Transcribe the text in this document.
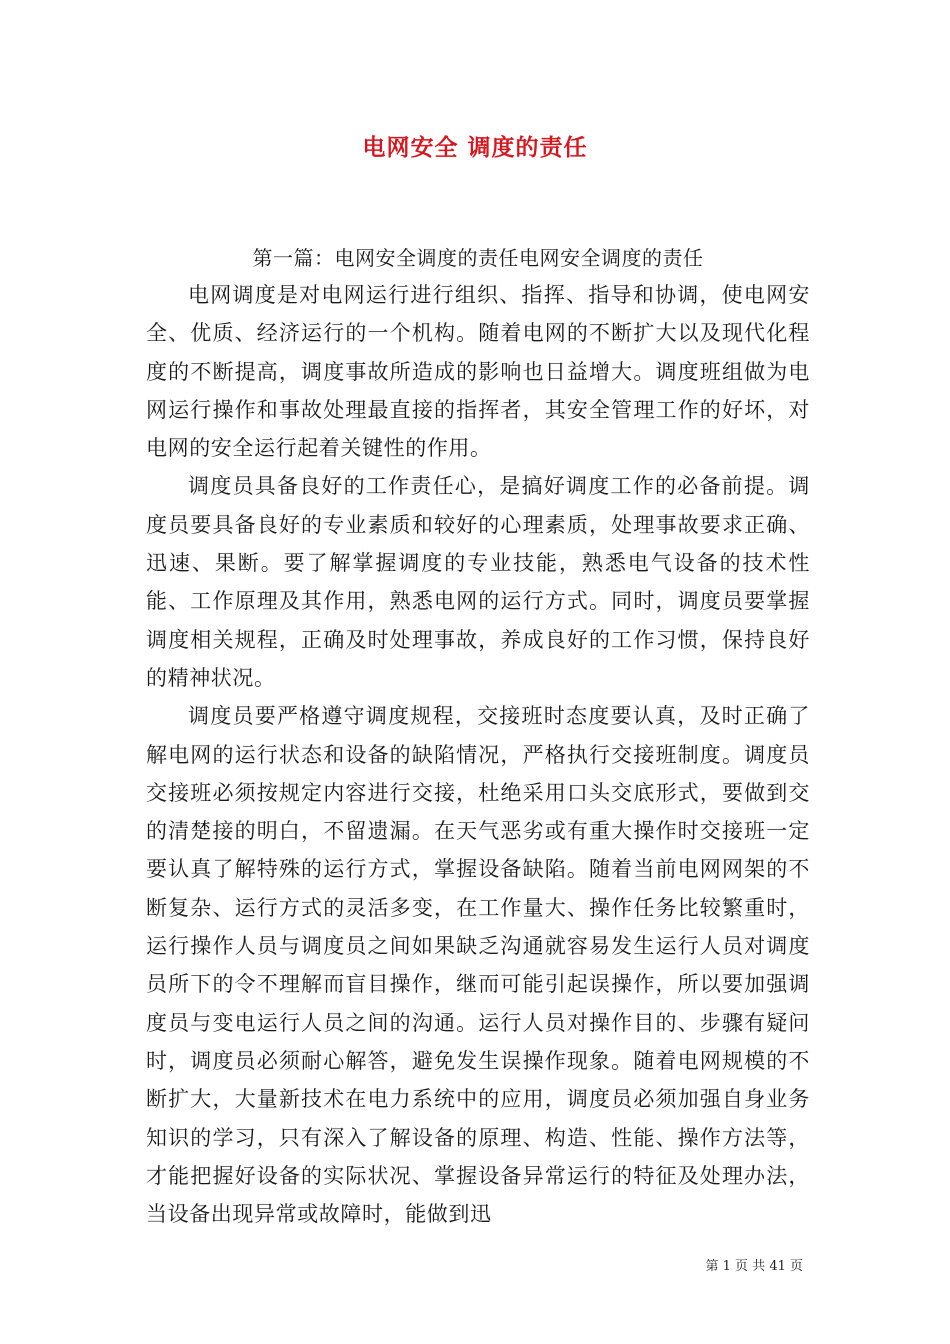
电网安全 调度的责任

第一篇：电网安全调度的责任电网安全调度的责任

电网调度是对电网运行进行组织、指挥、指导和协调，使电网安全、优质、经济运行的一个机构。随着电网的不断扩大以及现代化程度的不断提高，调度事故所造成的影响也日益增大。调度班组做为电网运行操作和事故处理最直接的指挥者，其安全管理工作的好坏，对电网的安全运行起着关键性的作用。

调度员具备良好的工作责任心，是搞好调度工作的必备前提。调度员要具备良好的专业素质和较好的心理素质，处理事故要求正确、迅速、果断。要了解掌握调度的专业技能，熟悉电气设备的技术性能、工作原理及其作用，熟悉电网的运行方式。同时，调度员要掌握调度相关规程，正确及时处理事故，养成良好的工作习惯，保持良好的精神状况。

调度员要严格遵守调度规程，交接班时态度要认真，及时正确了解电网的运行状态和设备的缺陷情况，严格执行交接班制度。调度员交接班必须按规定内容进行交接，杜绝采用口头交底形式，要做到交的清楚接的明白，不留遗漏。在天气恶劣或有重大操作时交接班一定要认真了解特殊的运行方式，掌握设备缺陷。随着当前电网网架的不断复杂、运行方式的灵活多变，在工作量大、操作任务比较繁重时，运行操作人员与调度员之间如果缺乏沟通就容易发生运行人员对调度员所下的令不理解而盲目操作，继而可能引起误操作，所以要加强调度员与变电运行人员之间的沟通。运行人员对操作目的、步骤有疑问时，调度员必须耐心解答，避免发生误操作现象。随着电网规模的不断扩大，大量新技术在电力系统中的应用，调度员必须加强自身业务知识的学习，只有深入了解设备的原理、构造、性能、操作方法等，才能把握好设备的实际状况、掌握设备异常运行的特征及处理办法，当设备出现异常或故障时，能做到迅

第 1 页 共 41 页
